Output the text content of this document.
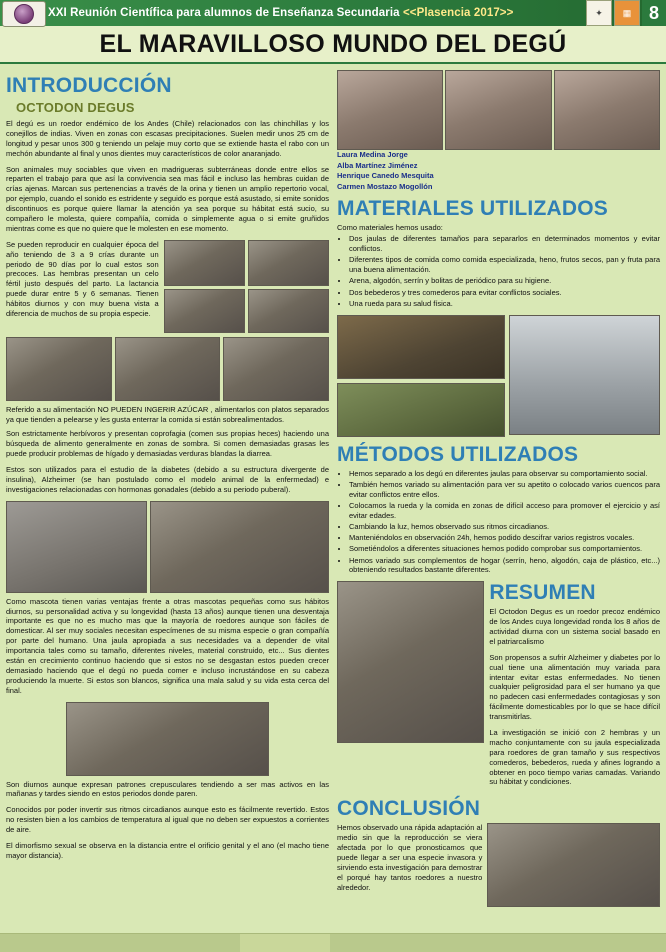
XXI Reunión Científica para alumnos de Enseñanza Secundaria <<Plasencia 2017>>	✦	▦ 8
EL MARAVILLOSO MUNDO DEL DEGÚ
INTRODUCCIÓN
OCTODON DEGUS

El degú es un roedor endémico de los Andes (Chile) relacionados con las chinchillas y los conejillos de indias. Viven en zonas con escasas precipitaciones. Suelen medir unos 25 cm de longitud y pesar unos 300 g teniendo un pelaje muy corto que se extiende hasta el rabo con un mechón abundante al final y unos dientes muy característicos de color anaranjado.

Son animales muy sociables que viven en madrigueras subterráneas donde entre ellos se reparten el trabajo para que así la convivencia sea mas fácil e incluso las hembras cuidan de crías ajenas. Marcan sus pertenencias a través de la orina y tienen un amplio repertorio vocal, por ejemplo, cuando el sonido es estridente y seguido es porque está asustado, si emite sonidos discontinuos es porque quiere llamar la atención ya sea porque su hábitat está sucio, su compañero le molesta, quiere compañía, comida o simplemente agua o si emite gruñidos mientras come es que no quiere que le molesten en ese momento.

Se pueden reproducir en cualquier época del año teniendo de 3 a 9 crías durante un periodo de 90 días por lo cual estos son precoces. Las hembras presentan un celo fértil justo después del parto. La lactancia puede durar entre 5 y 6 semanas. Tienen hábitos diurnos y con muy buena vista a diferencia de muchos de su propia especie.

Referido a su alimentación NO PUEDEN INGERIR AZÚCAR , alimentarlos con platos separados ya que tienden a pelearse y les gusta enterrar la comida si están sobrealimentados.

Son estrictamente herbívoros y presentan coprofagia (comen sus propias heces) haciendo una búsqueda de alimento generalmente en zonas de sombra. Si comen demasiadas grasas les puede producir problemas de hígado y demasiadas verduras blandas la diarrea.

Estos son utilizados para el estudio de la diabetes (debido a su estructura divergente de insulina), Alzheimer (se han postulado como el modelo animal de la enfermedad) e investigaciones relacionadas con hormonas gonadales (debido a su periodo puberal).

Como mascota tienen varias ventajas frente a otras mascotas pequeñas como sus hábitos diurnos, su personalidad activa y su longevidad (hasta 13 años) aunque tienen una desventaja importante es que no es mucho mas que la mayoría de roedores aunque son fáciles de domesticar. Al ser muy sociales necesitan especímenes de su misma especie o gran compañía por parte del humano. Una jaula apropiada a sus necesidades va a depender de vital importancia tales como su tamaño, diferentes niveles, material construido, etc... Sus dientes están en crecimiento continuo haciendo que si estos no se desgastan estos pueden crecer demasiado haciendo que el degú no pueda comer e incluso incrustándose en su cabeza produciendo la muerte. Si estos son blancos, significa una mala salud y su vida esta cerca del final.

Son diurnos aunque expresan patrones crepusculares tendiendo a ser mas activos en las mañanas y tardes siendo en estos periodos donde paren.

Conocidos por poder invertir sus ritmos circadianos aunque esto es fácilmente revertido. Estos no resisten bien a los cambios de temperatura al igual que no deben ser expuestos a corrientes de aire.

El dimorfismo sexual se observa en la distancia entre el orificio genital y el ano (el macho tiene mayor distancia).

Laura Medina Jorge
Alba Martínez Jiménez
Henrique Canedo Mesquita
Carmen Mostazo Mogollón
MATERIALES UTILIZADOS

Como materiales hemos usado:

• Dos jaulas de diferentes tamaños para separarlos en determinados momentos y evitar conflictos.
• Diferentes tipos de comida como comida especializada, heno, frutos secos, pan y fruta para una buena alimentación.
• Arena, algodón, serrín y bolitas de periódico para su higiene.
• Dos bebederos y tres comederos para evitar conflictos sociales.
• Una rueda para su salud física.
MÉTODOS UTILIZADOS
• Hemos separado a los degú en diferentes jaulas para observar su comportamiento social.
• También hemos variado su alimentación para ver su apetito o colocado varios cuencos para evitar conflictos entre ellos.
• Colocamos la rueda y la comida en zonas de difícil acceso para promover el ejercicio y así evitar edades.
• Cambiando la luz, hemos observado sus ritmos circadianos.
• Manteniéndolos en observación 24h, hemos podido descifrar varios registros vocales.
• Sometiéndolos a diferentes situaciones hemos podido comprobar sus comportamientos.
• Hemos variado sus complementos de hogar (serrín, heno, algodón, caja de plástico, etc...) obteniendo resultados bastante diferentes.
RESUMEN

El Octodon Degus es un roedor precoz endémico de los Andes cuya longevidad ronda los 8 años de actividad diurna con un sistema social basado en el patriarcalismo

Son propensos a sufrir Alzheimer y diabetes por lo cual tiene una alimentación muy variada para intentar evitar estas enfermedades. No tienen cualquier peligrosidad para el ser humano ya que no padecen casi enfermedades contagiosas y son fácilmente domesticables por lo que se hace difícil transmitirlas.

La investigación se inició con 2 hembras y un macho conjuntamente con su jaula especializada para roedores de gran tamaño y sus respectivos comederos, bebederos, rueda y afines logrando a obtener en poco tiempo varias camadas. Variando su hábitat y condiciones.

CONCLUSIÓN

Hemos observado una rápida adaptación al medio sin que la reproducción se viera afectada por lo que pronosticamos que puede llegar a ser una especie invasora y sirviendo esta investigación para demostrar el porqué hay tantos roedores a nuestro alrededor.
